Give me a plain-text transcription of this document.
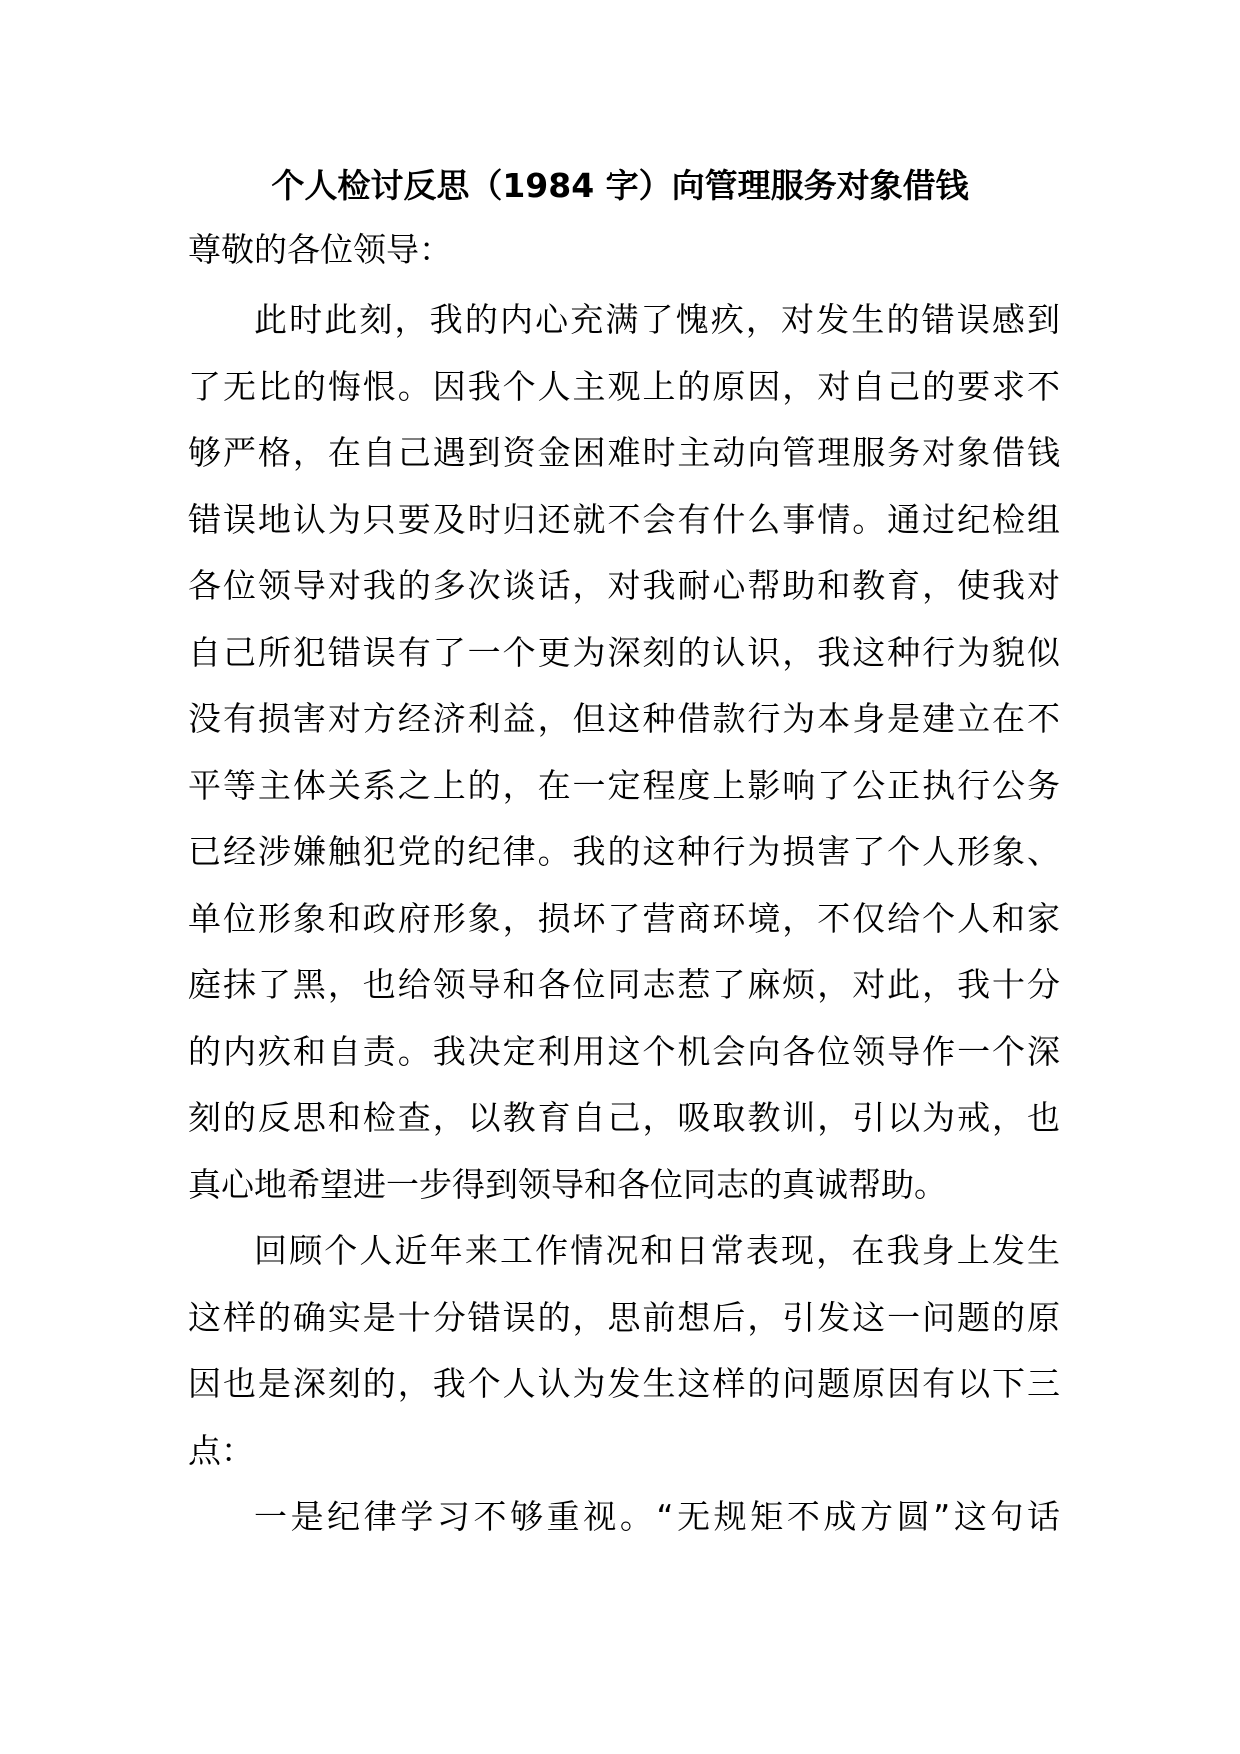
个人检讨反思（1984 字）向管理服务对象借钱
尊敬的各位领导：
此时此刻，我的内心充满了愧疚，对发生的错误感到
了无比的悔恨。因我个人主观上的原因，对自己的要求不
够严格，在自己遇到资金困难时主动向管理服务对象借钱
错误地认为只要及时归还就不会有什么事情。通过纪检组
各位领导对我的多次谈话，对我耐心帮助和教育，使我对
自己所犯错误有了一个更为深刻的认识，我这种行为貌似
没有损害对方经济利益，但这种借款行为本身是建立在不
平等主体关系之上的，在一定程度上影响了公正执行公务
已经涉嫌触犯党的纪律。我的这种行为损害了个人形象、
单位形象和政府形象，损坏了营商环境，不仅给个人和家
庭抹了黑，也给领导和各位同志惹了麻烦，对此，我十分
的内疚和自责。我决定利用这个机会向各位领导作一个深
刻的反思和检查，以教育自己，吸取教训，引以为戒，也
真心地希望进一步得到领导和各位同志的真诚帮助。
回顾个人近年来工作情况和日常表现，在我身上发生
这样的确实是十分错误的，思前想后，引发这一问题的原
因也是深刻的，我个人认为发生这样的问题原因有以下三
点：
一是纪律学习不够重视。“无规矩不成方圆”这句话
